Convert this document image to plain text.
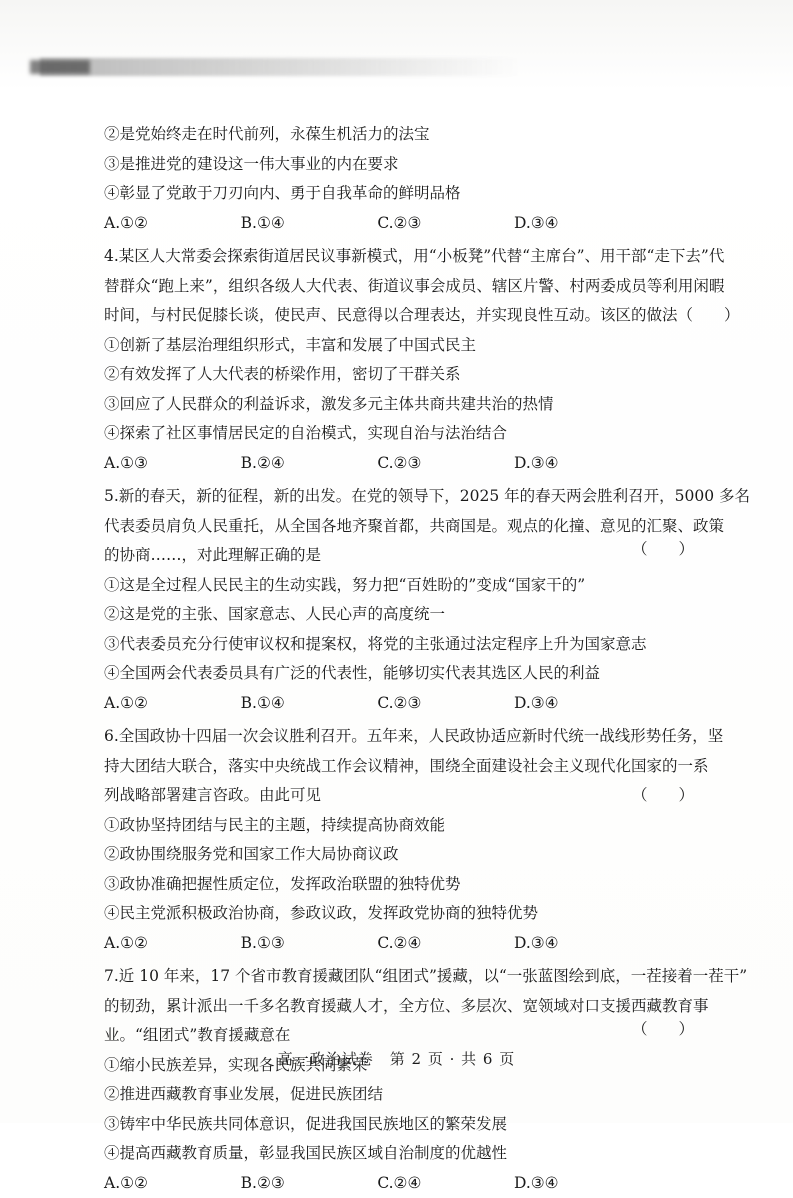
②是党始终走在时代前列，永葆生机活力的法宝
③是推进党的建设这一伟大事业的内在要求
④彰显了党敢于刀刃向内、勇于自我革命的鲜明品格
A.①②	B.①④	C.②③	D.③④
4.某区人大常委会探索街道居民议事新模式，用“小板凳”代替“主席台”、用干部“走下去”代
替群众“跑上来”，组织各级人大代表、街道议事会成员、辖区片警、村两委成员等利用闲暇
时间，与村民促膝长谈，使民声、民意得以合理表达，并实现良性互动。该区的做法（　　）
①创新了基层治理组织形式，丰富和发展了中国式民主
②有效发挥了人大代表的桥梁作用，密切了干群关系
③回应了人民群众的利益诉求，激发多元主体共商共建共治的热情
④探索了社区事情居民定的自治模式，实现自治与法治结合
A.①③	B.②④	C.②③	D.③④
5.新的春天，新的征程，新的出发。在党的领导下，2025 年的春天两会胜利召开，5000 多名
代表委员肩负人民重托，从全国各地齐聚首都，共商国是。观点的化撞、意见的汇聚、政策
的协商……，对此理解正确的是	（　　）
①这是全过程人民民主的生动实践，努力把“百姓盼的”变成“国家干的”
②这是党的主张、国家意志、人民心声的高度统一
③代表委员充分行使审议权和提案权，将党的主张通过法定程序上升为国家意志
④全国两会代表委员具有广泛的代表性，能够切实代表其选区人民的利益
A.①②	B.①④	C.②③	D.③④
6.全国政协十四届一次会议胜利召开。五年来，人民政协适应新时代统一战线形势任务，坚
持大团结大联合，落实中央统战工作会议精神，围绕全面建设社会主义现代化国家的一系
列战略部署建言咨政。由此可见	（　　）
①政协坚持团结与民主的主题，持续提高协商效能
②政协围绕服务党和国家工作大局协商议政
③政协准确把握性质定位，发挥政治联盟的独特优势
④民主党派积极政治协商，参政议政，发挥政党协商的独特优势
A.①②	B.①③	C.②④	D.③④
7.近 10 年来，17 个省市教育援藏团队“组团式”援藏，以“一张蓝图绘到底，一茬接着一茬干”
的韧劲，累计派出一千多名教育援藏人才，全方位、多层次、宽领域对口支援西藏教育事
业。“组团式”教育援藏意在	（　　）
①缩小民族差异，实现各民族共同繁荣
②推进西藏教育事业发展，促进民族团结
③铸牢中华民族共同体意识，促进我国民族地区的繁荣发展
④提高西藏教育质量，彰显我国民族区域自治制度的优越性
A.①②	B.②③	C.②④	D.③④
高一政治试卷　第 2 页 · 共 6 页
